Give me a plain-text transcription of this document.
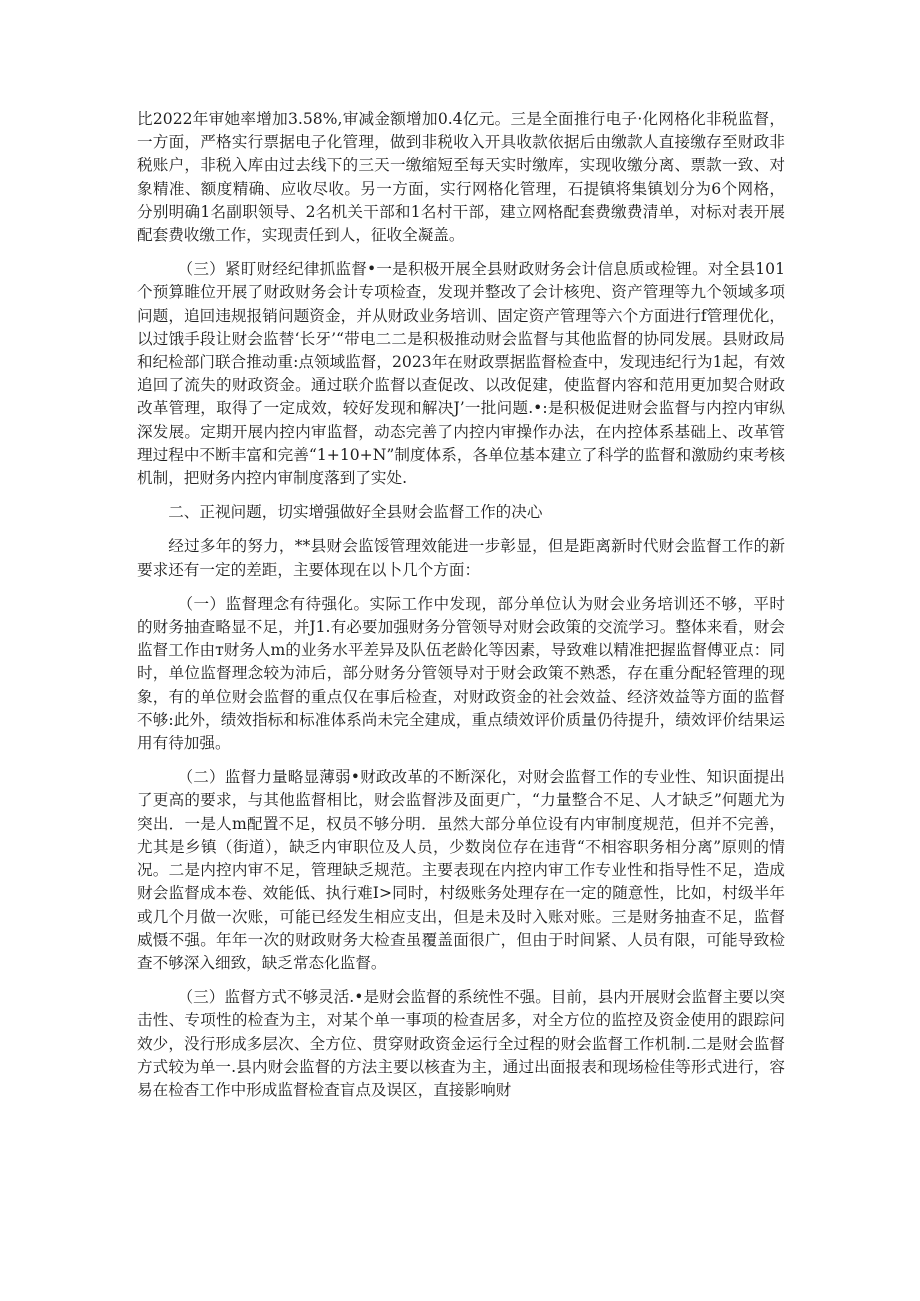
比2022年审她率增加3.58%,审减金额增加0.4亿元。三是全面推行电子·化网格化非税监督，一方面，严格实行票据电子化管理，做到非税收入开具收款依据后由缴款人直接缴存至财政非税账户，非税入库由过去线下的三天一缴缩短至每天实时缴库，实现收缴分离、票款一致、对象精准、额度精确、应收尽收。另一方面，实行网格化管理，石提镇将集镇划分为6个网格，分别明确1名副职领导、2名机关干部和1名村干部，建立网格配套费缴费清单，对标对表开展配套费收缴工作，实现责任到人，征收全凝盖。

（三）紧盯财经纪律抓监督•一是积极开展全县财政财务会计信息质或检锂。对全县101个预算睢位开展了财政财务会计专项检查，发现并整改了会计核兜、资产管理等九个领域多项问题，追回违规报销问题资金，并从财政业务培训、固定资产管理等六个方面进行f管理优化，以过饿手段让财会监替‘长牙’“带电二二是积极推动财会监督与其他监督的协同发展。县财政局和纪检部门联合推动重:点领域监督，2023年在财政票据监督检查中，发现违纪行为1起，有效追回了流失的财政资金。通过联介监督以查促改、以改促建，使监督内容和范用更加契合财政改革管理，取得了一定成效，较好发现和解决J’一批问题.•:是积极促进财会监督与内控内审纵深发展。定期开展内控内审监督，动态完善了内控内审操作办法，在内控体系基础上、改革管理过程中不断丰富和完善“1+10+N”制度体系，各单位基本建立了科学的监督和激励约束考核机制，把财务内控内审制度落到了实处.

二、正视问题，切实增强做好全县财会监督工作的决心

经过多年的努力，**县财会监馁管理效能进一步彰显，但是距离新时代财会监督工作的新要求还有一定的差距，主要体现在以卜几个方面：

（一）监督理念有待强化。实际工作中发现，部分单位认为财会业务培训还不够，平时的财务抽查略显不足，并J1.有必要加强财务分管领导对财会政策的交流学习。整体来看，财会监督工作由т财务人m的业务水平差异及队伍老龄化等因素，导致难以精准把握监督傅亚点：同时，单位监督理念较为沛后，部分财务分管领导对于财会政策不熟悉，存在重分配轻管理的现象，有的单位财会监督的重点仅在事后检查，对财政资金的社会效益、经济效益等方面的监督不够:此外，绩效指标和标准体系尚未完全建成，重点绩效评价质量仍待提升，绩效评价结果运用有待加强。

（二）监督力量略显薄弱•财政改革的不断深化，对财会监督工作的专业性、知识面提出了更高的要求，与其他监督相比，财会监督涉及面更广，“力量整合不足、人才缺乏”何题尤为突出．一是人m配置不足，权员不够分明．虽然大部分单位设有内审制度规范，但并不完善，尤其是乡镇（街道），缺乏内审职位及人员，少数岗位存在违背“不相容职务相分离”原则的情况。二是内控内审不足，管理缺乏规范。主要表现在内控内审工作专业性和指导性不足，造成财会监督成本卷、效能低、执行难I>同时，村级账务处理存在一定的随意性，比如，村级半年或几个月做一次账，可能已经发生相应支出，但是未及时入账对账。三是财务抽查不足，监督威慑不强。年年一次的财政财务大检查虽覆盖面很广，但由于时间紧、人员有限，可能导致检查不够深入细致，缺乏常态化监督。

（三）监督方式不够灵活.•是财会监督的系统性不强。目前，县内开展财会监督主要以突击性、专项性的检查为主，对某个单一事项的检查居多，对全方位的监控及资金使用的跟踪问效少，没行形成多层次、全方位、贯穿财政资金运行全过程的财会监督工作机制.二是财会监督方式较为单一.县内财会监督的方法主要以核査为主，通过出面报表和现场检佳等形式进行，容易在检杳工作中形成监督检査盲点及误区，直接影响财
